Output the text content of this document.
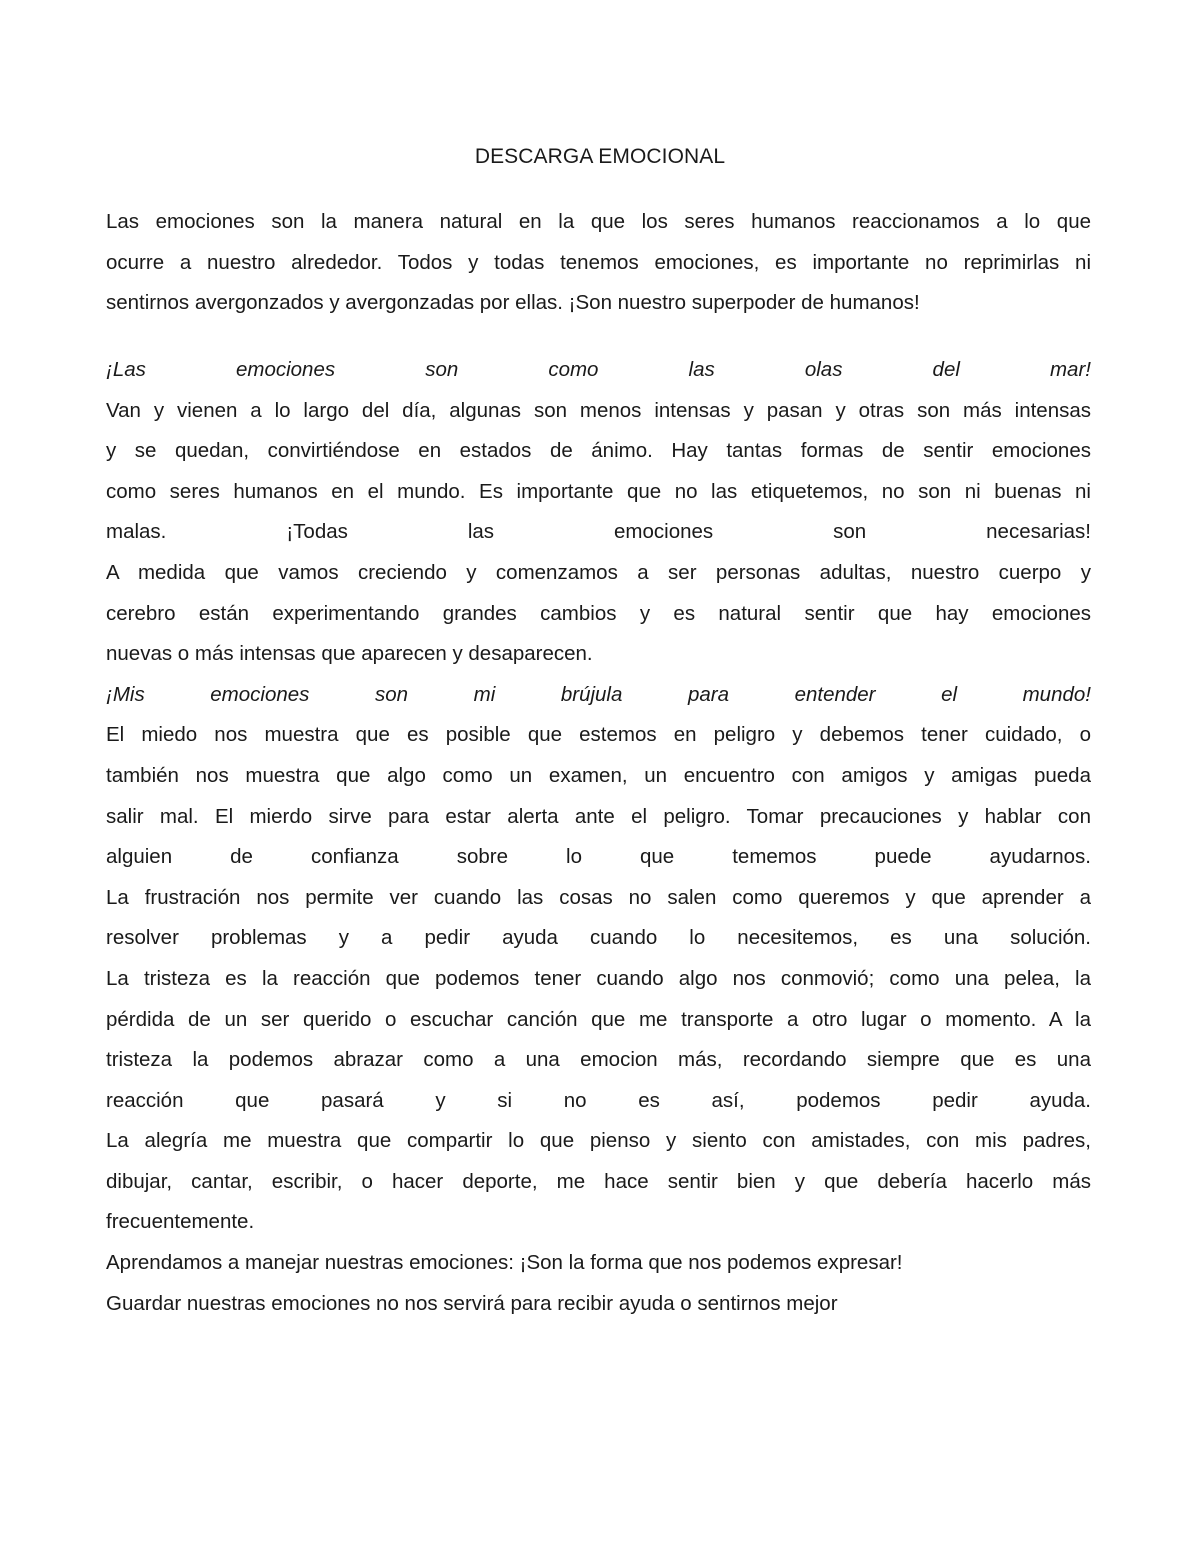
DESCARGA EMOCIONAL
Las emociones son la manera natural en la que los seres humanos reaccionamos a lo que
ocurre a nuestro alrededor. Todos y todas tenemos emociones, es importante no reprimirlas ni
sentirnos avergonzados y avergonzadas por ellas. ¡Son nuestro superpoder de humanos!
¡Las emociones son como las olas del mar!
Van y vienen a lo largo del día, algunas son menos intensas y pasan y otras son más intensas
y se quedan, convirtiéndose en estados de ánimo. Hay tantas formas de sentir emociones
como seres humanos en el mundo. Es importante que no las etiquetemos, no son ni buenas ni
malas. ¡Todas las emociones son necesarias!
A medida que vamos creciendo y comenzamos a ser personas adultas, nuestro cuerpo y
cerebro están experimentando grandes cambios y es natural sentir que hay emociones
nuevas o más intensas que aparecen y desaparecen.
¡Mis emociones son mi brújula para entender el mundo!
El miedo nos muestra que es posible que estemos en peligro y debemos tener cuidado, o
también nos muestra que algo como un examen, un encuentro con amigos y amigas pueda
salir mal. El mierdo sirve para estar alerta ante el peligro. Tomar precauciones y hablar con
alguien de confianza sobre lo que tememos puede ayudarnos.
La frustración nos permite ver cuando las cosas no salen como queremos y que aprender a
resolver problemas y a pedir ayuda cuando lo necesitemos, es una solución.
La tristeza es la reacción que podemos tener cuando algo nos conmovió; como una pelea, la
pérdida de un ser querido o escuchar canción que me transporte a otro lugar o momento. A la
tristeza la podemos abrazar como a una emocion más, recordando siempre que es una
reacción que pasará y si no es así, podemos pedir ayuda.
La alegría me muestra que compartir lo que pienso y siento con amistades, con mis padres,
dibujar, cantar, escribir, o hacer deporte, me hace sentir bien y que debería hacerlo más
frecuentemente.
Aprendamos a manejar nuestras emociones: ¡Son la forma que nos podemos expresar!
Guardar nuestras emociones no nos servirá para recibir ayuda o sentirnos mejor
